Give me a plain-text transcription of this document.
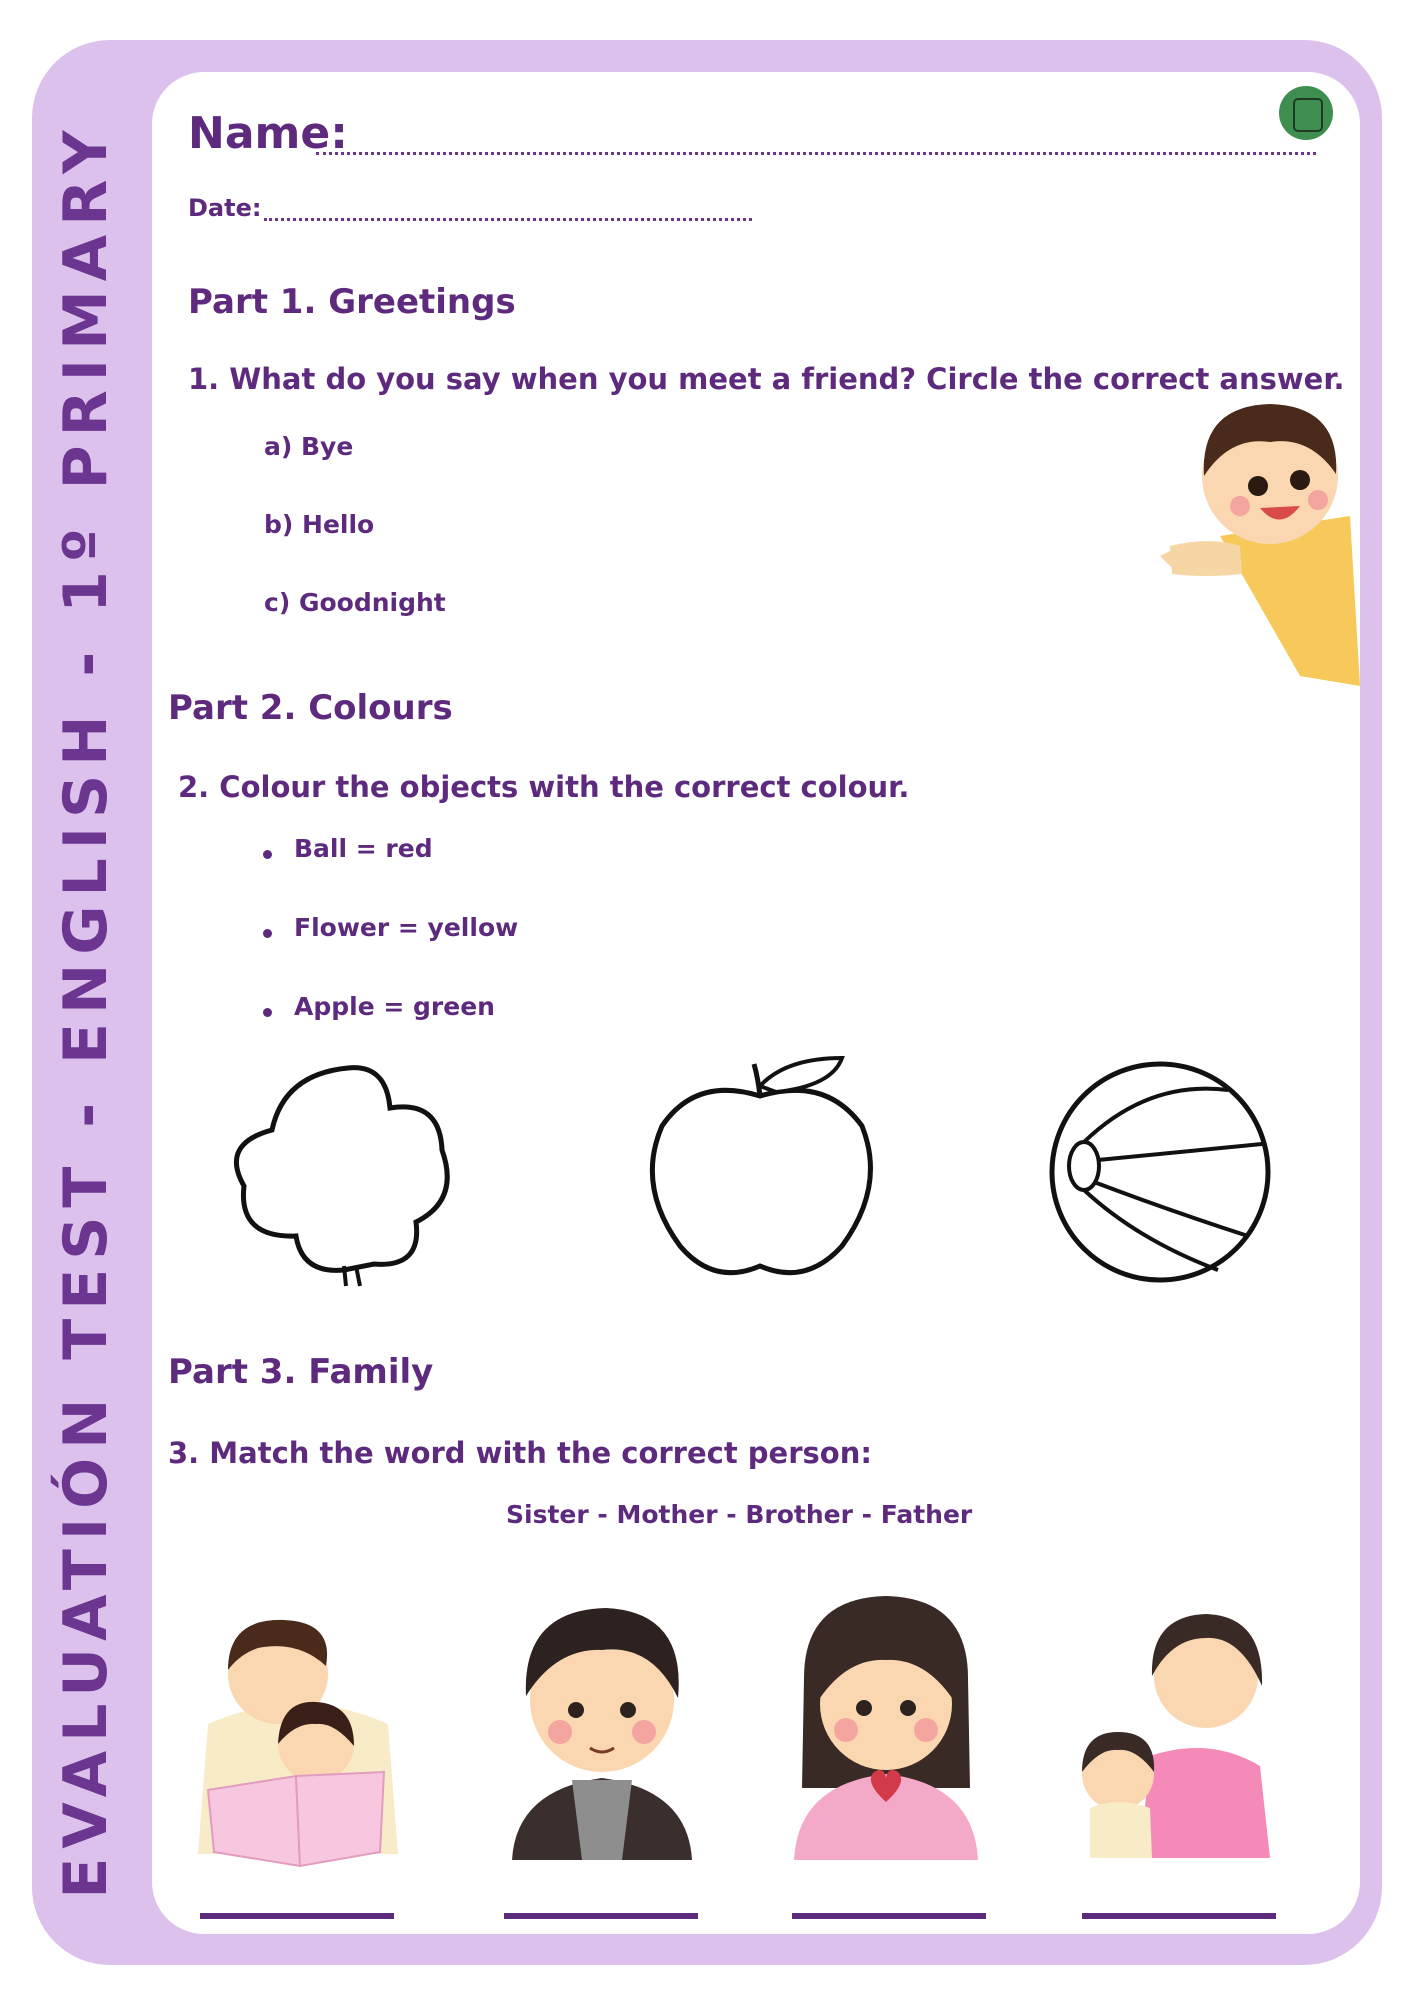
EVALUATIÓN TEST - ENGLISH - 1º PRIMARY Name:
Date:
Part 1. Greetings
1. What do you say when you meet a friend? Circle the correct answer.
a) Bye
b) Hello
c) Goodnight
Part 2. Colours
2. Colour the objects with the correct colour.
Ball = red
Flower = yellow
Apple = green
Part 3. Family
3. Match the word with the correct person:
Sister - Mother - Brother - Father
